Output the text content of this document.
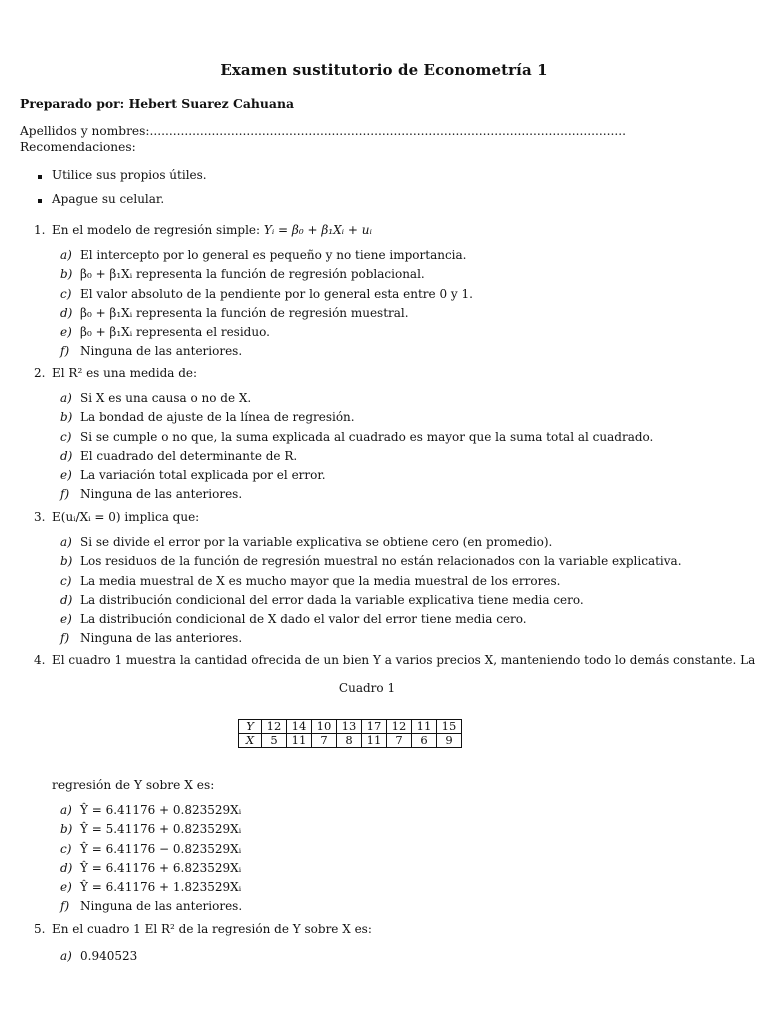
Examen sustitutorio de Econometría 1
Preparado por: Hebert Suarez Cahuana
Apellidos y nombres:...........................................................................................................................
Recomendaciones:
Utilice sus propios útiles.
Apague su celular.
1. En el modelo de regresión simple: Yᵢ = β₀ + β₁Xᵢ + uᵢ
a) El intercepto por lo general es pequeño y no tiene importancia.
b) β₀ + β₁Xᵢ representa la función de regresión poblacional.
c) El valor absoluto de la pendiente por lo general esta entre 0 y 1.
d) β₀ + β₁Xᵢ representa la función de regresión muestral.
e) β₀ + β₁Xᵢ representa el residuo.
f) Ninguna de las anteriores.
2. El R² es una medida de:
a) Si X es una causa o no de X.
b) La bondad de ajuste de la línea de regresión.
c) Si se cumple o no que, la suma explicada al cuadrado es mayor que la suma total al cuadrado.
d) El cuadrado del determinante de R.
e) La variación total explicada por el error.
f) Ninguna de las anteriores.
3. E(uᵢ/Xᵢ = 0) implica que:
a) Si se divide el error por la variable explicativa se obtiene cero (en promedio).
b) Los residuos de la función de regresión muestral no están relacionados con la variable explicativa.
c) La media muestral de X es mucho mayor que la media muestral de los errores.
d) La distribución condicional del error dada la variable explicativa tiene media cero.
e) La distribución condicional de X dado el valor del error tiene media cero.
f) Ninguna de las anteriores.
4. El cuadro 1 muestra la cantidad ofrecida de un bien Y a varios precios X, manteniendo todo lo demás constante. La
Cuadro 1
Y	12	14	10	13	17	12	11	15
X	5	11	7	8	11	7	6	9
regresión de Y sobre X es:
a) Ŷ = 6.41176 + 0.823529Xᵢ
b) Ŷ = 5.41176 + 0.823529Xᵢ
c) Ŷ = 6.41176 − 0.823529Xᵢ
d) Ŷ = 6.41176 + 6.823529Xᵢ
e) Ŷ = 6.41176 + 1.823529Xᵢ
f) Ninguna de las anteriores.
5. En el cuadro 1 El R² de la regresión de Y sobre X es:
a) 0.940523
